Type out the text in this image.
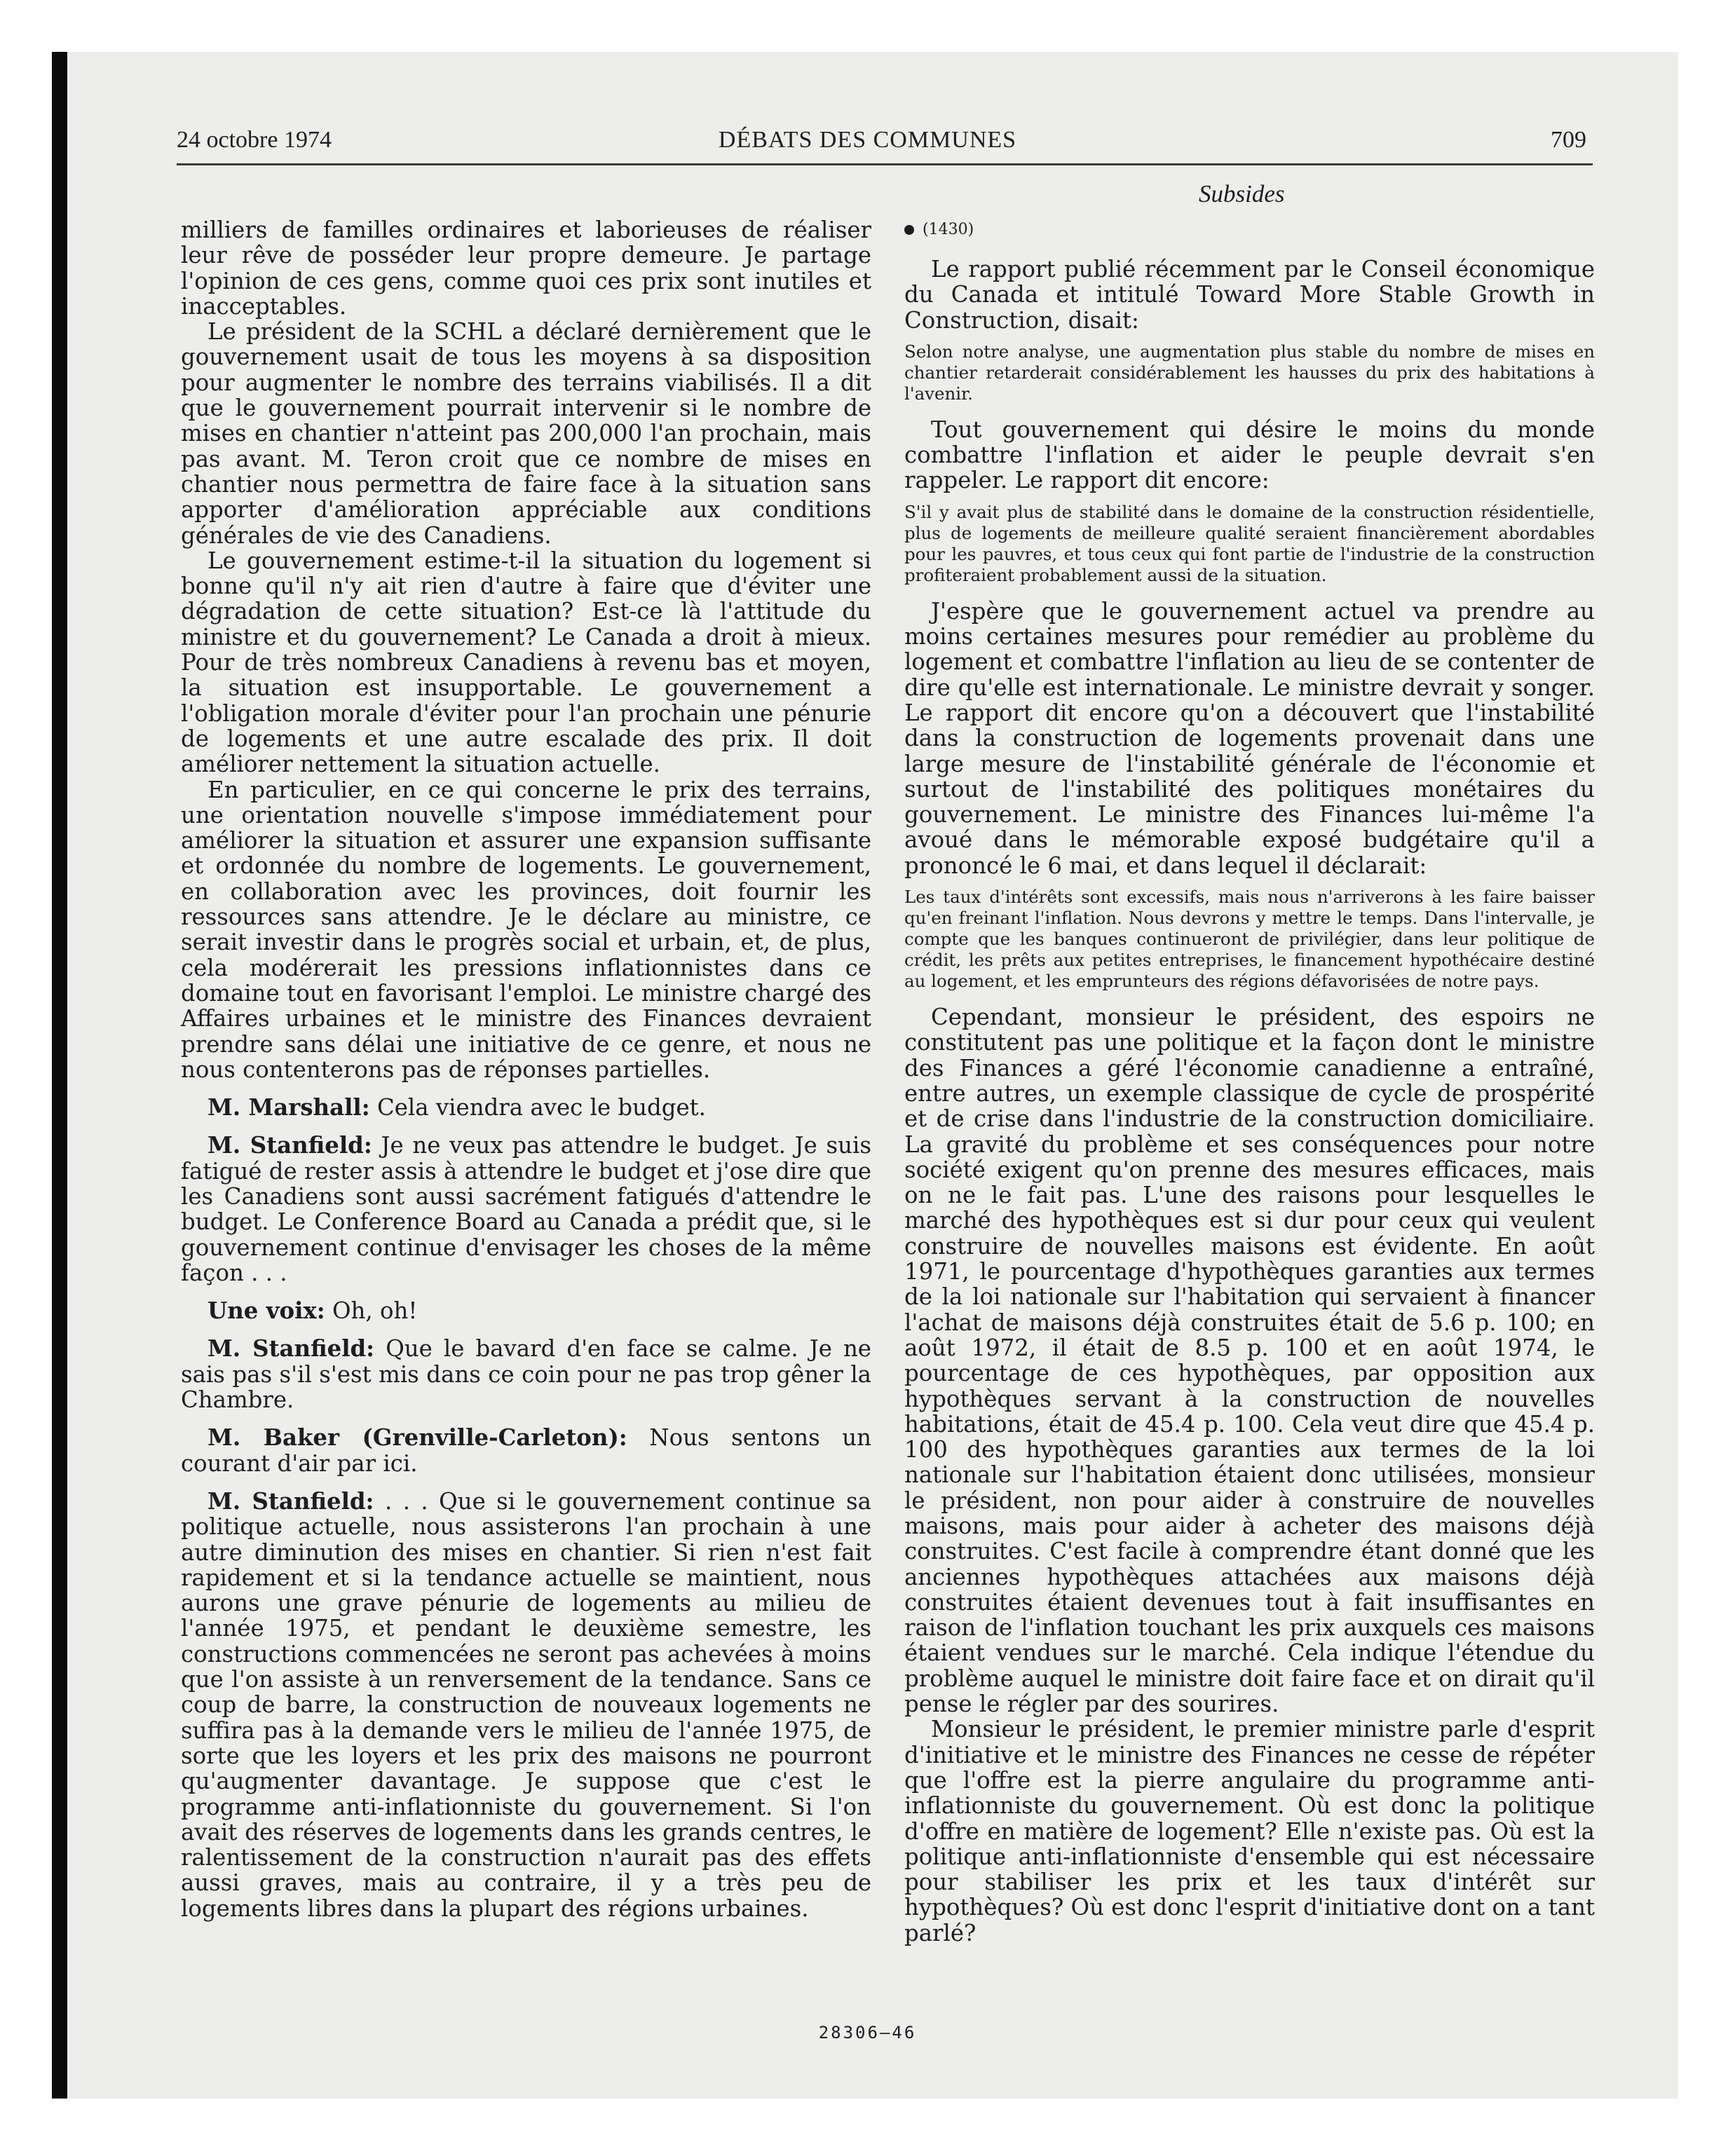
24 octobre 1974	DÉBATS DES COMMUNES	709
Subsides

milliers de familles ordinaires et laborieuses de réaliser leur rêve de posséder leur propre demeure. Je partage l'opinion de ces gens, comme quoi ces prix sont inutiles et inacceptables.

Le président de la SCHL a déclaré dernièrement que le gouvernement usait de tous les moyens à sa disposition pour augmenter le nombre des terrains viabilisés. Il a dit que le gouvernement pourrait intervenir si le nombre de mises en chantier n'atteint pas 200,000 l'an prochain, mais pas avant. M. Teron croit que ce nombre de mises en chantier nous permettra de faire face à la situation sans apporter d'amélioration appréciable aux conditions générales de vie des Canadiens.

Le gouvernement estime-t-il la situation du logement si bonne qu'il n'y ait rien d'autre à faire que d'éviter une dégradation de cette situation? Est-ce là l'attitude du ministre et du gouvernement? Le Canada a droit à mieux. Pour de très nombreux Canadiens à revenu bas et moyen, la situation est insupportable. Le gouvernement a l'obligation morale d'éviter pour l'an prochain une pénurie de logements et une autre escalade des prix. Il doit améliorer nettement la situation actuelle.

En particulier, en ce qui concerne le prix des terrains, une orientation nouvelle s'impose immédiatement pour améliorer la situation et assurer une expansion suffisante et ordonnée du nombre de logements. Le gouvernement, en collaboration avec les provinces, doit fournir les ressources sans attendre. Je le déclare au ministre, ce serait investir dans le progrès social et urbain, et, de plus, cela modérerait les pressions inflationnistes dans ce domaine tout en favorisant l'emploi. Le ministre chargé des Affaires urbaines et le ministre des Finances devraient prendre sans délai une initiative de ce genre, et nous ne nous contenterons pas de réponses partielles.

M. Marshall: Cela viendra avec le budget.

M. Stanfield: Je ne veux pas attendre le budget. Je suis fatigué de rester assis à attendre le budget et j'ose dire que les Canadiens sont aussi sacrément fatigués d'attendre le budget. Le Conference Board au Canada a prédit que, si le gouvernement continue d'envisager les choses de la même façon . . .

Une voix: Oh, oh!

M. Stanfield: Que le bavard d'en face se calme. Je ne sais pas s'il s'est mis dans ce coin pour ne pas trop gêner la Chambre.

M. Baker (Grenville-Carleton): Nous sentons un courant d'air par ici.

M. Stanfield: . . . Que si le gouvernement continue sa politique actuelle, nous assisterons l'an prochain à une autre diminution des mises en chantier. Si rien n'est fait rapidement et si la tendance actuelle se maintient, nous aurons une grave pénurie de logements au milieu de l'année 1975, et pendant le deuxième semestre, les constructions commencées ne seront pas achevées à moins que l'on assiste à un renversement de la tendance. Sans ce coup de barre, la construction de nouveaux logements ne suffira pas à la demande vers le milieu de l'année 1975, de sorte que les loyers et les prix des maisons ne pourront qu'augmenter davantage. Je suppose que c'est le programme anti-inflationniste du gouvernement. Si l'on avait des réserves de logements dans les grands centres, le ralentissement de la construction n'aurait pas des effets aussi graves, mais au contraire, il y a très peu de logements libres dans la plupart des régions urbaines.

(1430)

Le rapport publié récemment par le Conseil économique du Canada et intitulé Toward More Stable Growth in Construction, disait:

Selon notre analyse, une augmentation plus stable du nombre de mises en chantier retarderait considérablement les hausses du prix des habitations à l'avenir.

Tout gouvernement qui désire le moins du monde combattre l'inflation et aider le peuple devrait s'en rappeler. Le rapport dit encore:

S'il y avait plus de stabilité dans le domaine de la construction résidentielle, plus de logements de meilleure qualité seraient financièrement abordables pour les pauvres, et tous ceux qui font partie de l'industrie de la construction profiteraient probablement aussi de la situation.

J'espère que le gouvernement actuel va prendre au moins certaines mesures pour remédier au problème du logement et combattre l'inflation au lieu de se contenter de dire qu'elle est internationale. Le ministre devrait y songer. Le rapport dit encore qu'on a découvert que l'instabilité dans la construction de logements provenait dans une large mesure de l'instabilité générale de l'économie et surtout de l'instabilité des politiques monétaires du gouvernement. Le ministre des Finances lui-même l'a avoué dans le mémorable exposé budgétaire qu'il a prononcé le 6 mai, et dans lequel il déclarait:

Les taux d'intérêts sont excessifs, mais nous n'arriverons à les faire baisser qu'en freinant l'inflation. Nous devrons y mettre le temps. Dans l'intervalle, je compte que les banques continueront de privilégier, dans leur politique de crédit, les prêts aux petites entreprises, le financement hypothécaire destiné au logement, et les emprunteurs des régions défavorisées de notre pays.

Cependant, monsieur le président, des espoirs ne constitutent pas une politique et la façon dont le ministre des Finances a géré l'économie canadienne a entraîné, entre autres, un exemple classique de cycle de prospérité et de crise dans l'industrie de la construction domiciliaire. La gravité du problème et ses conséquences pour notre société exigent qu'on prenne des mesures efficaces, mais on ne le fait pas. L'une des raisons pour lesquelles le marché des hypothèques est si dur pour ceux qui veulent construire de nouvelles maisons est évidente. En août 1971, le pourcentage d'hypothèques garanties aux termes de la loi nationale sur l'habitation qui servaient à financer l'achat de maisons déjà construites était de 5.6 p. 100; en août 1972, il était de 8.5 p. 100 et en août 1974, le pourcentage de ces hypothèques, par opposition aux hypothèques servant à la construction de nouvelles habitations, était de 45.4 p. 100. Cela veut dire que 45.4 p. 100 des hypothèques garanties aux termes de la loi nationale sur l'habitation étaient donc utilisées, monsieur le président, non pour aider à construire de nouvelles maisons, mais pour aider à acheter des maisons déjà construites. C'est facile à comprendre étant donné que les anciennes hypothèques attachées aux maisons déjà construites étaient devenues tout à fait insuffisantes en raison de l'inflation touchant les prix auxquels ces maisons étaient vendues sur le marché. Cela indique l'étendue du problème auquel le ministre doit faire face et on dirait qu'il pense le régler par des sourires.

Monsieur le président, le premier ministre parle d'esprit d'initiative et le ministre des Finances ne cesse de répéter que l'offre est la pierre angulaire du programme anti-inflationniste du gouvernement. Où est donc la politique d'offre en matière de logement? Elle n'existe pas. Où est la politique anti-inflationniste d'ensemble qui est nécessaire pour stabiliser les prix et les taux d'intérêt sur hypothèques? Où est donc l'esprit d'initiative dont on a tant parlé?

28306—46
